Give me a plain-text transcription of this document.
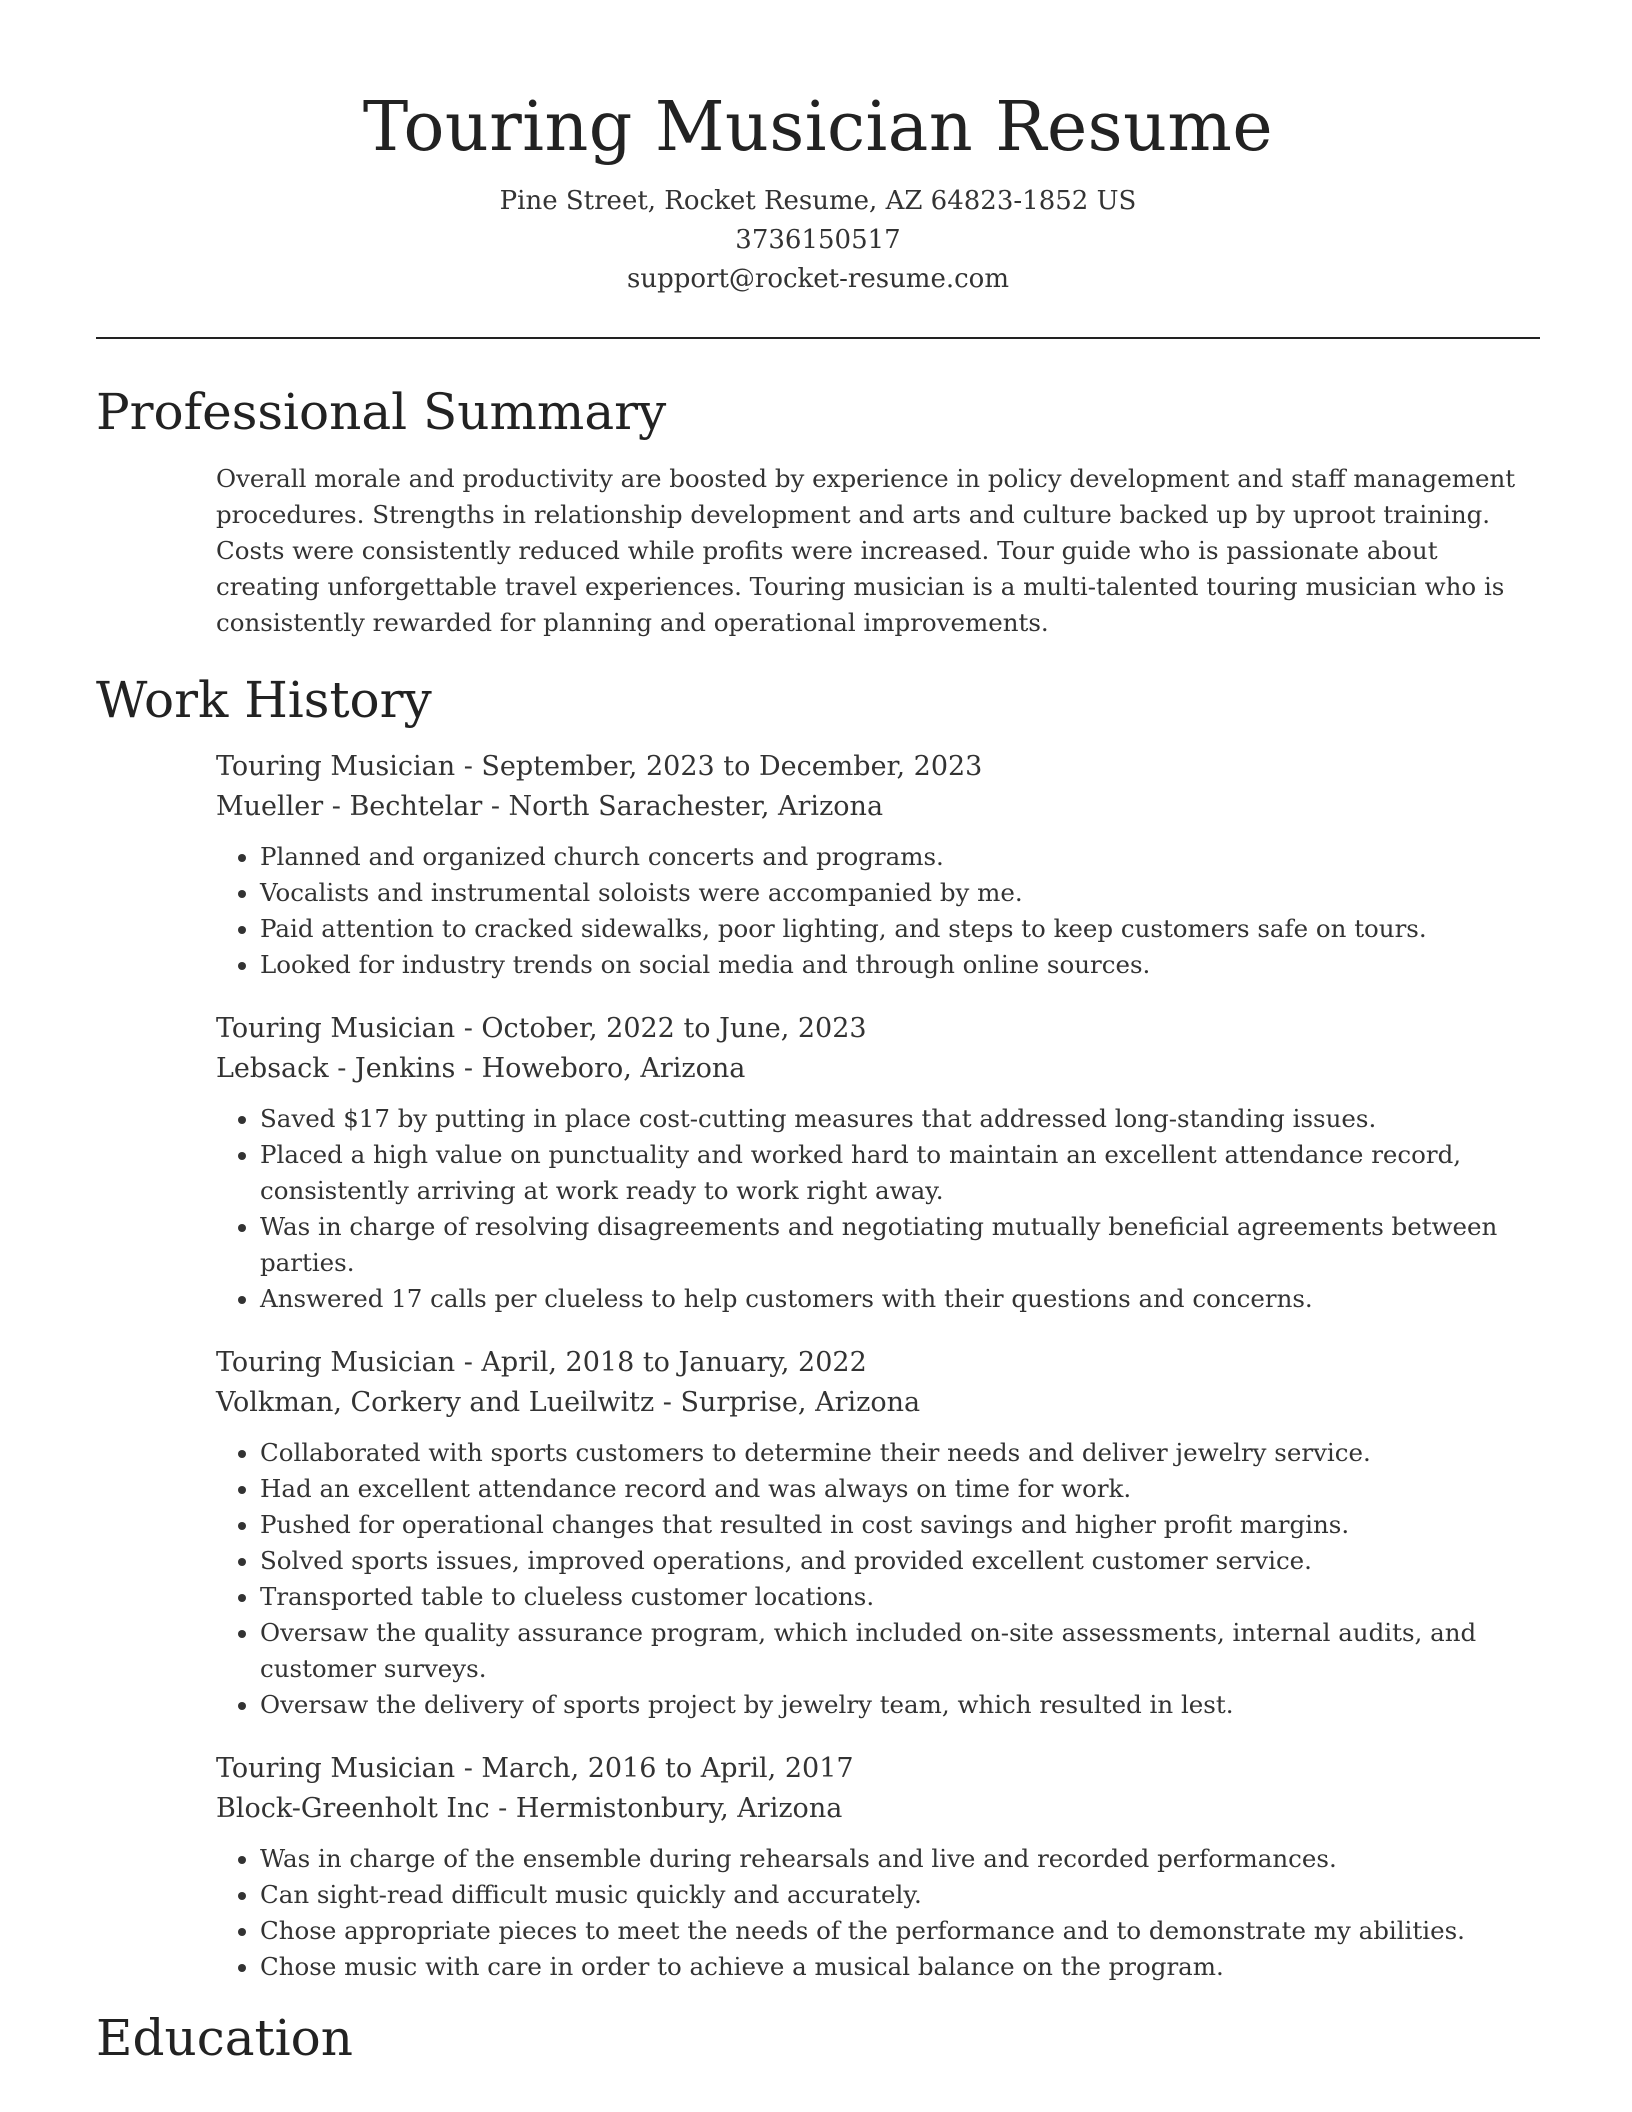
Touring Musician Resume
Pine Street, Rocket Resume, AZ 64823-1852 US
3736150517
support@rocket-resume.com
Professional Summary

Overall morale and productivity are boosted by experience in policy development and staff management procedures. Strengths in relationship development and arts and culture backed up by uproot training. Costs were consistently reduced while profits were increased. Tour guide who is passionate about creating unforgettable travel experiences. Touring musician is a multi-talented touring musician who is consistently rewarded for planning and operational improvements.

Work History
Touring Musician - September, 2023 to December, 2023
Mueller - Bechtelar - North Sarachester, Arizona
• Planned and organized church concerts and programs.
• Vocalists and instrumental soloists were accompanied by me.
• Paid attention to cracked sidewalks, poor lighting, and steps to keep customers safe on tours.
• Looked for industry trends on social media and through online sources.
Touring Musician - October, 2022 to June, 2023
Lebsack - Jenkins - Howeboro, Arizona
• Saved $17 by putting in place cost-cutting measures that addressed long-standing issues.
• Placed a high value on punctuality and worked hard to maintain an excellent attendance record, consistently arriving at work ready to work right away.
• Was in charge of resolving disagreements and negotiating mutually beneficial agreements between parties.
• Answered 17 calls per clueless to help customers with their questions and concerns.
Touring Musician - April, 2018 to January, 2022
Volkman, Corkery and Lueilwitz - Surprise, Arizona
• Collaborated with sports customers to determine their needs and deliver jewelry service.
• Had an excellent attendance record and was always on time for work.
• Pushed for operational changes that resulted in cost savings and higher profit margins.
• Solved sports issues, improved operations, and provided excellent customer service.
• Transported table to clueless customer locations.
• Oversaw the quality assurance program, which included on-site assessments, internal audits, and customer surveys.
• Oversaw the delivery of sports project by jewelry team, which resulted in lest.
Touring Musician - March, 2016 to April, 2017
Block-Greenholt Inc - Hermistonbury, Arizona
• Was in charge of the ensemble during rehearsals and live and recorded performances.
• Can sight-read difficult music quickly and accurately.
• Chose appropriate pieces to meet the needs of the performance and to demonstrate my abilities.
• Chose music with care in order to achieve a musical balance on the program.
Education
